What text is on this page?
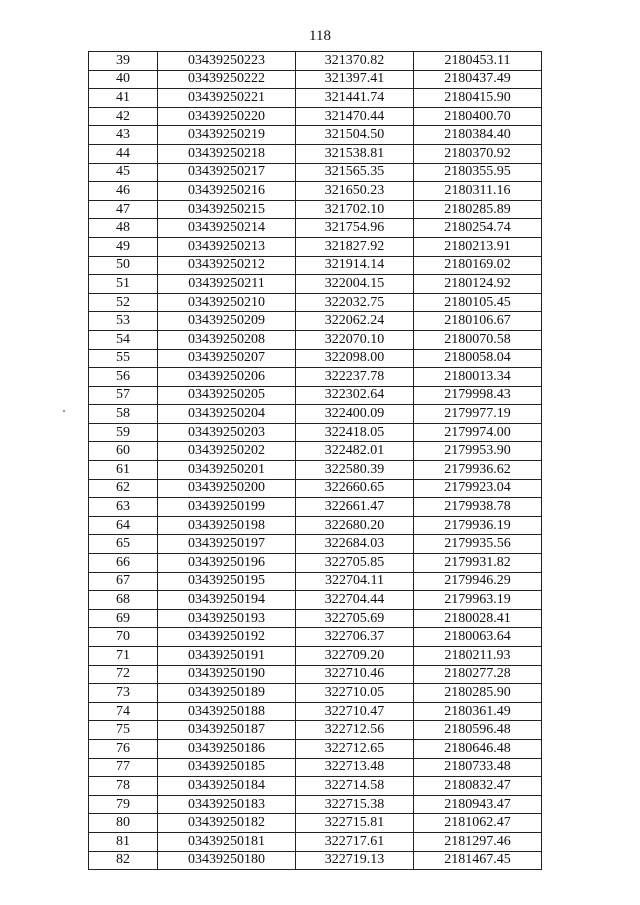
118
39	03439250223	321370.82	2180453.11
40	03439250222	321397.41	2180437.49
41	03439250221	321441.74	2180415.90
42	03439250220	321470.44	2180400.70
43	03439250219	321504.50	2180384.40
44	03439250218	321538.81	2180370.92
45	03439250217	321565.35	2180355.95
46	03439250216	321650.23	2180311.16
47	03439250215	321702.10	2180285.89
48	03439250214	321754.96	2180254.74
49	03439250213	321827.92	2180213.91
50	03439250212	321914.14	2180169.02
51	03439250211	322004.15	2180124.92
52	03439250210	322032.75	2180105.45
53	03439250209	322062.24	2180106.67
54	03439250208	322070.10	2180070.58
55	03439250207	322098.00	2180058.04
56	03439250206	322237.78	2180013.34
57	03439250205	322302.64	2179998.43
58	03439250204	322400.09	2179977.19
59	03439250203	322418.05	2179974.00
60	03439250202	322482.01	2179953.90
61	03439250201	322580.39	2179936.62
62	03439250200	322660.65	2179923.04
63	03439250199	322661.47	2179938.78
64	03439250198	322680.20	2179936.19
65	03439250197	322684.03	2179935.56
66	03439250196	322705.85	2179931.82
67	03439250195	322704.11	2179946.29
68	03439250194	322704.44	2179963.19
69	03439250193	322705.69	2180028.41
70	03439250192	322706.37	2180063.64
71	03439250191	322709.20	2180211.93
72	03439250190	322710.46	2180277.28
73	03439250189	322710.05	2180285.90
74	03439250188	322710.47	2180361.49
75	03439250187	322712.56	2180596.48
76	03439250186	322712.65	2180646.48
77	03439250185	322713.48	2180733.48
78	03439250184	322714.58	2180832.47
79	03439250183	322715.38	2180943.47
80	03439250182	322715.81	2181062.47
81	03439250181	322717.61	2181297.46
82	03439250180	322719.13	2181467.45
